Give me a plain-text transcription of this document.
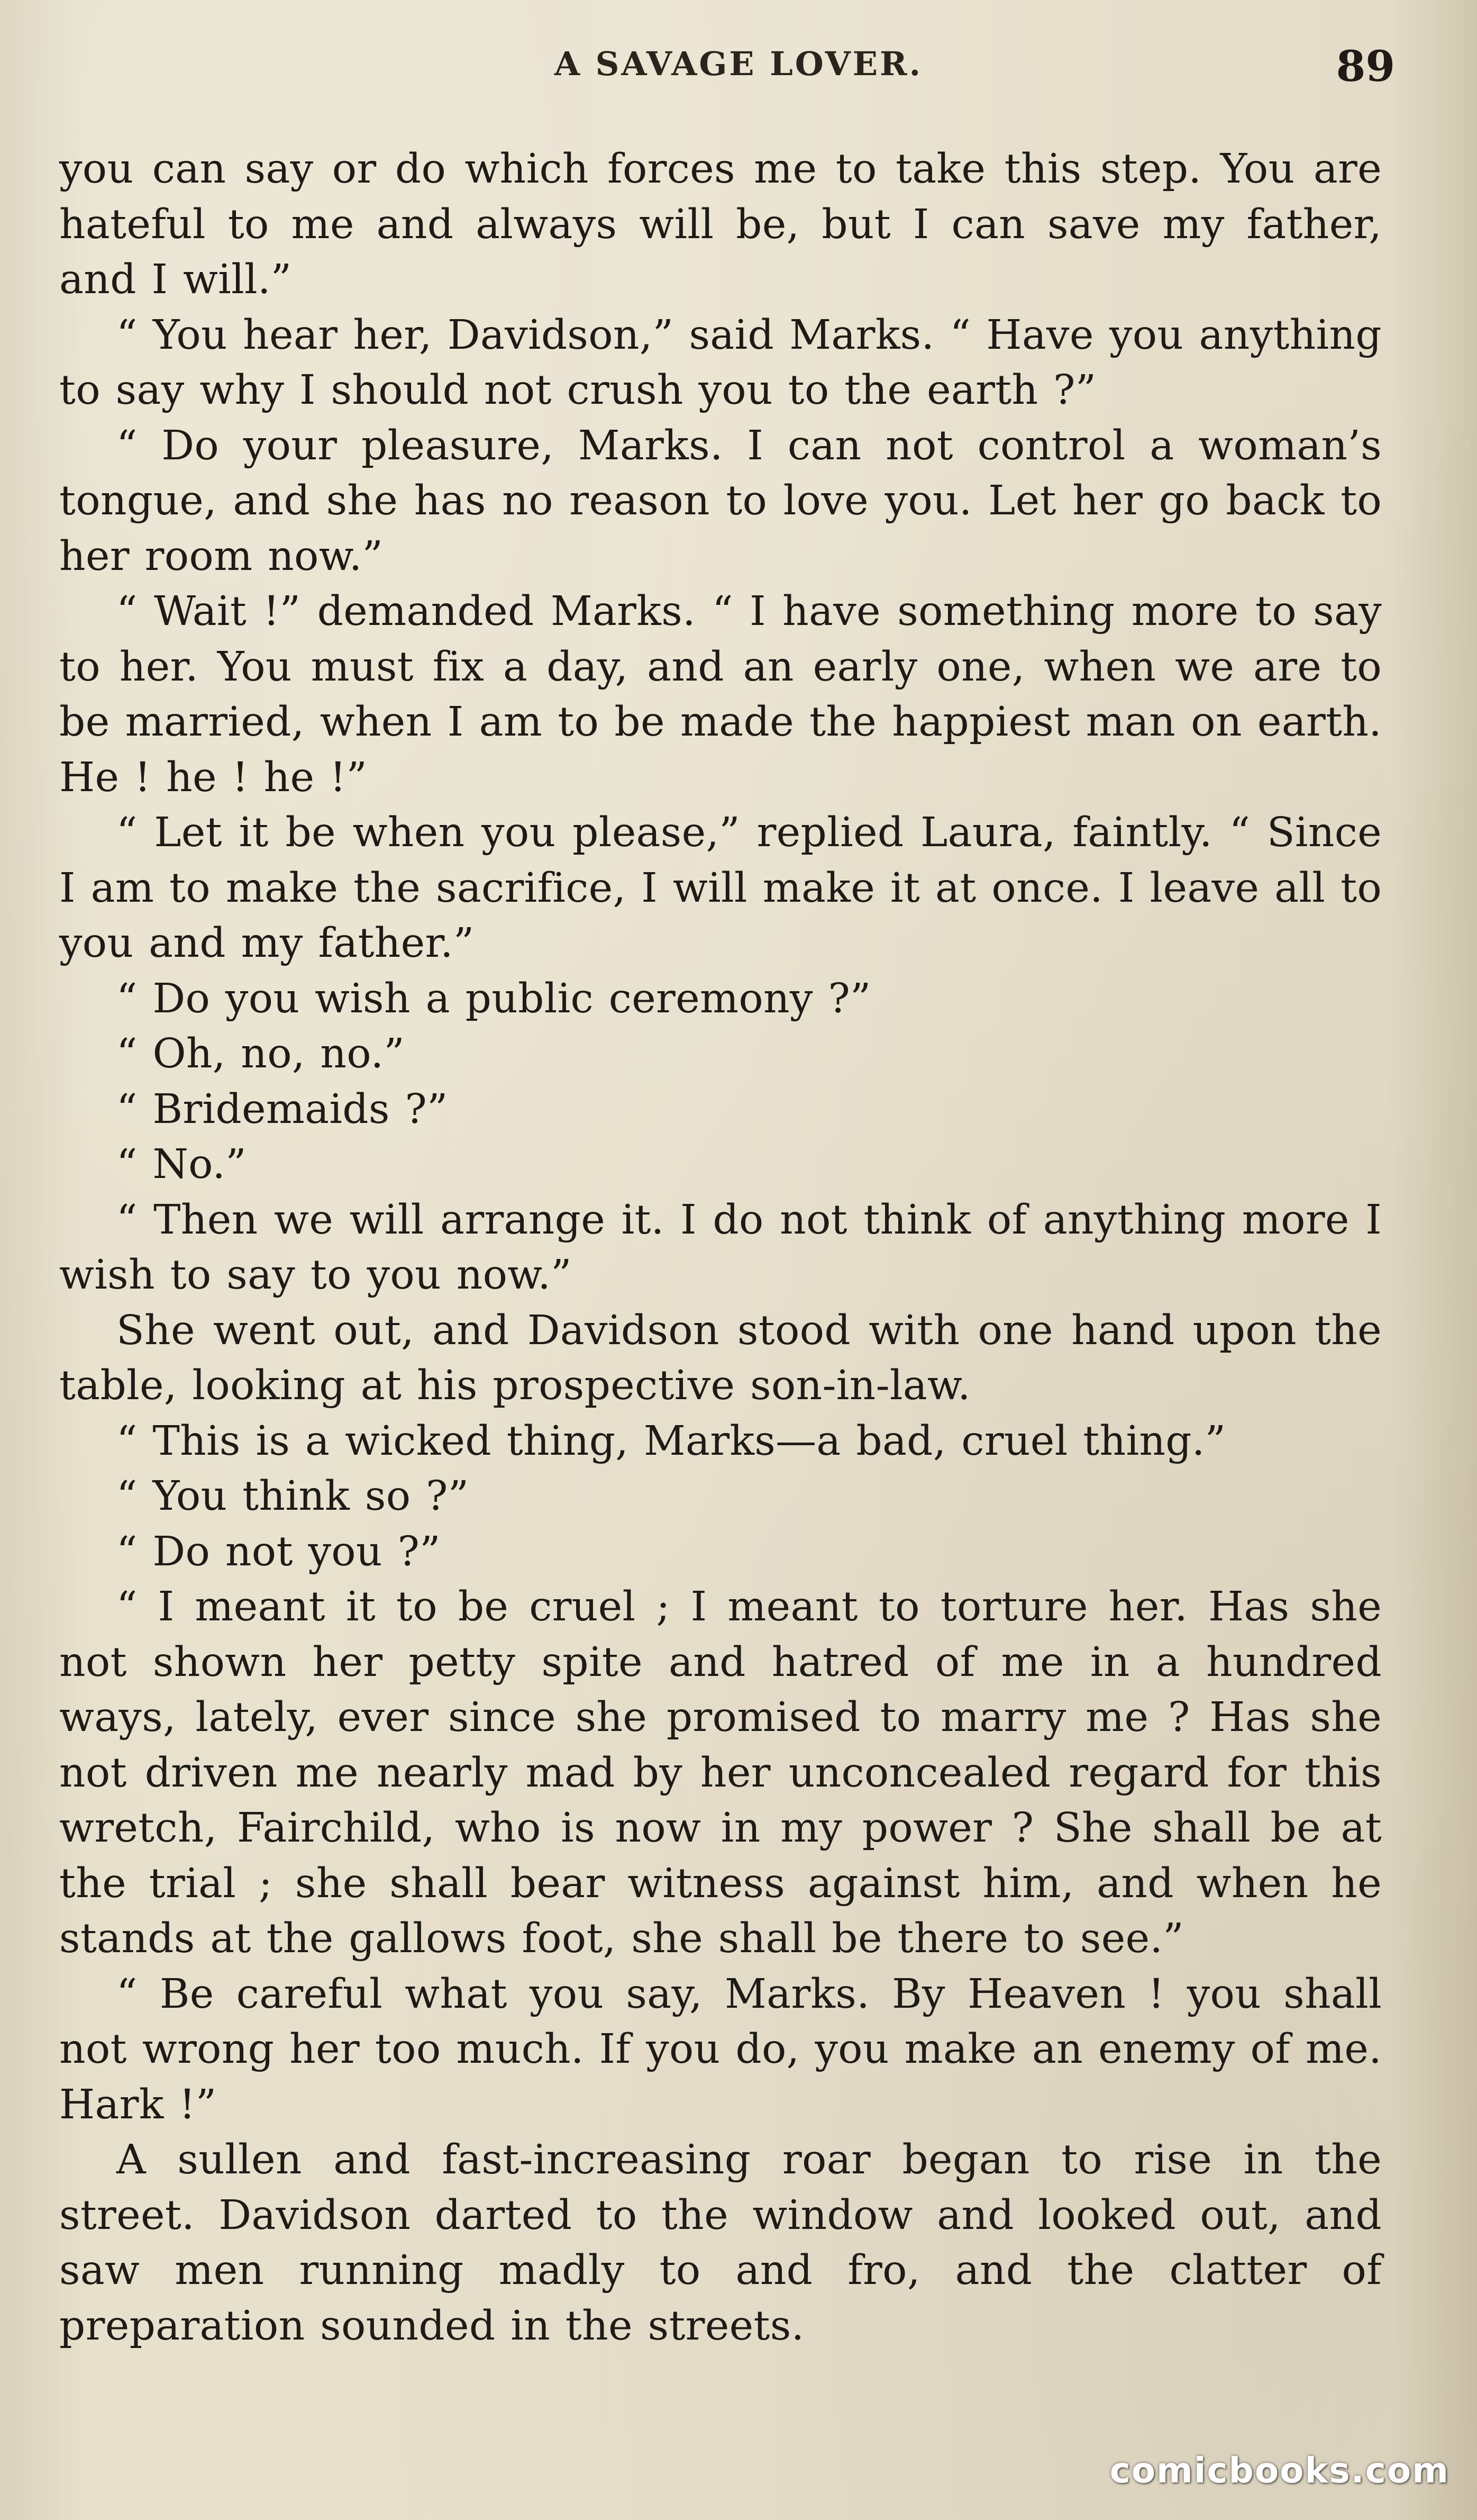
A SAVAGE LOVER.	89

you can say or do which forces me to take this step. You are hateful to me and always will be, but I can save my father, and I will.”

“ You hear her, Davidson,” said Marks. “ Have you anything to say why I should not crush you to the earth ?”

“ Do your pleasure, Marks. I can not control a woman’s tongue, and she has no reason to love you. Let her go back to her room now.”

“ Wait !” demanded Marks. “ I have something more to say to her. You must fix a day, and an early one, when we are to be married, when I am to be made the happiest man on earth. He ! he ! he !”

“ Let it be when you please,” replied Laura, faintly. “ Since I am to make the sacrifice, I will make it at once. I leave all to you and my father.”

“ Do you wish a public ceremony ?”

“ Oh, no, no.”

“ Bridemaids ?”

“ No.”

“ Then we will arrange it. I do not think of anything more I wish to say to you now.”

She went out, and Davidson stood with one hand upon the table, looking at his prospective son-in-law.

“ This is a wicked thing, Marks—a bad, cruel thing.”

“ You think so ?”

“ Do not you ?”

“ I meant it to be cruel ; I meant to torture her. Has she not shown her petty spite and hatred of me in a hundred ways, lately, ever since she promised to marry me ? Has she not driven me nearly mad by her unconcealed regard for this wretch, Fairchild, who is now in my power ? She shall be at the trial ; she shall bear witness against him, and when he stands at the gallows foot, she shall be there to see.”

“ Be careful what you say, Marks. By Heaven ! you shall not wrong her too much. If you do, you make an enemy of me. Hark !”

A sullen and fast-increasing roar began to rise in the street. Davidson darted to the window and looked out, and saw men running madly to and fro, and the clatter of preparation sounded in the streets.

comicbooks.com
